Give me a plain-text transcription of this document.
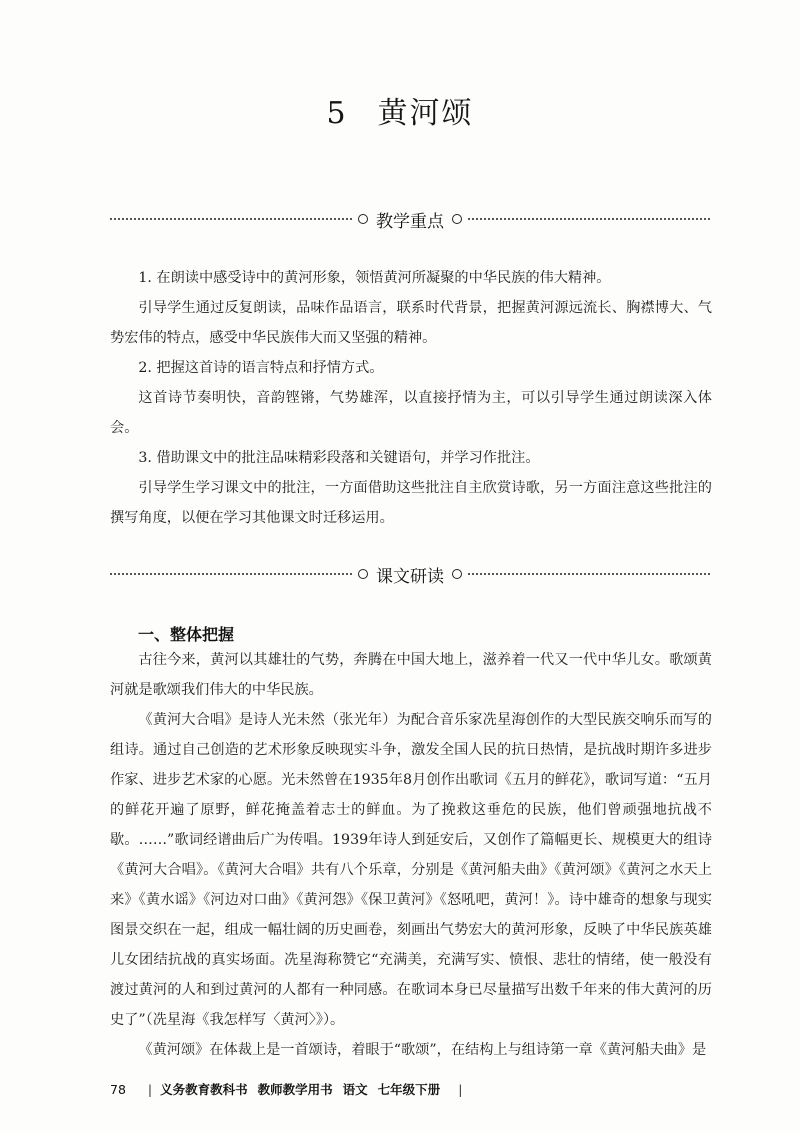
5 黄河颂
教学重点

1. 在朗读中感受诗中的黄河形象，领悟黄河所凝聚的中华民族的伟大精神。

引导学生通过反复朗读，品味作品语言，联系时代背景，把握黄河源远流长、胸襟博大、气势宏伟的特点，感受中华民族伟大而又坚强的精神。

2. 把握这首诗的语言特点和抒情方式。

这首诗节奏明快，音韵铿锵，气势雄浑，以直接抒情为主，可以引导学生通过朗读深入体会。

3. 借助课文中的批注品味精彩段落和关键语句，并学习作批注。

引导学生学习课文中的批注，一方面借助这些批注自主欣赏诗歌，另一方面注意这些批注的撰写角度，以便在学习其他课文时迁移运用。

课文研读
一、整体把握

古往今来，黄河以其雄壮的气势，奔腾在中国大地上，滋养着一代又一代中华儿女。歌颂黄河就是歌颂我们伟大的中华民族。

《黄河大合唱》是诗人光未然（张光年）为配合音乐家冼星海创作的大型民族交响乐而写的组诗。通过自己创造的艺术形象反映现实斗争，激发全国人民的抗日热情，是抗战时期许多进步作家、进步艺术家的心愿。光未然曾在1935年8月创作出歌词《五月的鲜花》，歌词写道：“五月的鲜花开遍了原野，鲜花掩盖着志士的鲜血。为了挽救这垂危的民族，他们曾顽强地抗战不歇。……”歌词经谱曲后广为传唱。1939年诗人到延安后，又创作了篇幅更长、规模更大的组诗《黄河大合唱》。《黄河大合唱》共有八个乐章，分别是《黄河船夫曲》《黄河颂》《黄河之水天上来》《黄水谣》《河边对口曲》《黄河怨》《保卫黄河》《怒吼吧，黄河！》。诗中雄奇的想象与现实图景交织在一起，组成一幅壮阔的历史画卷，刻画出气势宏大的黄河形象，反映了中华民族英雄儿女团结抗战的真实场面。冼星海称赞它“充满美，充满写实、愤恨、悲壮的情绪，使一般没有渡过黄河的人和到过黄河的人都有一种同感。在歌词本身已尽量描写出数千年来的伟大黄河的历史了”（冼星海《我怎样写〈黄河〉》）。

《黄河颂》在体裁上是一首颂诗，着眼于“歌颂”，在结构上与组诗第一章《黄河船夫曲》是

78 | 义务教育教科书 教师教学用书 语文 七年级下册 |
